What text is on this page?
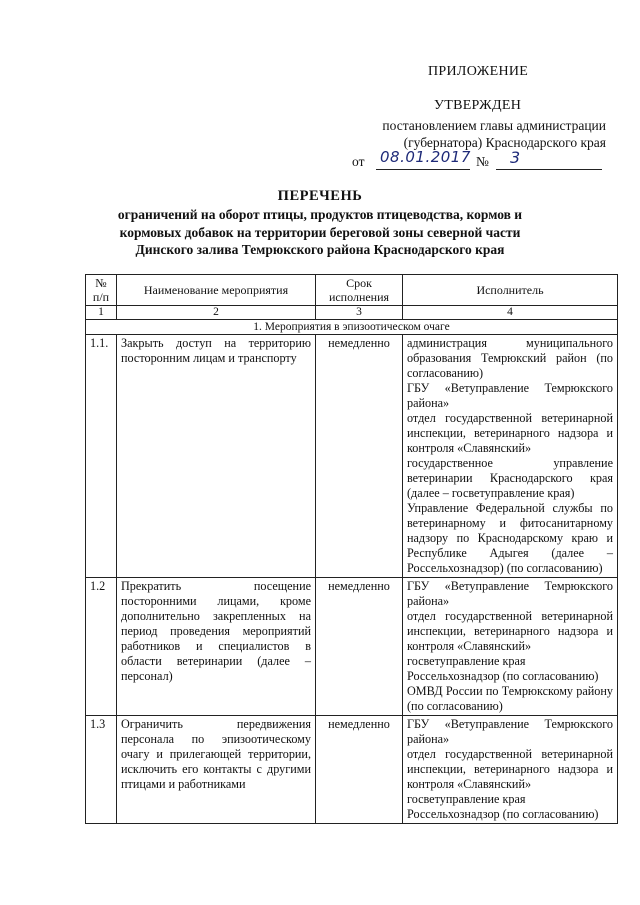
ПРИЛОЖЕНИЕ
УТВЕРЖДЕН
постановлением главы администрации
(губернатора) Краснодарского края
от 08.01.2017 № 3
ПЕРЕЧЕНЬ
ограничений на оборот птицы, продуктов птицеводства, кормов и кормовых добавок на территории береговой зоны северной части Динского залива Темрюкского района Краснодарского края
№ п/п	Наименование мероприятия	Срок исполнения	Исполнитель
1	2	3	4
1. Мероприятия в эпизоотическом очаге			
1.1.	Закрыть доступ на территорию посторонним лицам и транспорту	немедленно	администрация муниципального образования Темрюкский район (по согласованию)
ГБУ «Ветуправление Темрюкского района»
отдел государственной ветеринарной инспекции, ветеринарного надзора и контроля «Славянский»
государственное управление ветеринарии Краснодарского края (далее – госветуправление края)
Управление Федеральной службы по ветеринарному и фитосанитарному надзору по Краснодарскому краю и Республике Адыгея (далее – Россельхознадзор) (по согласованию)

1.2	Прекратить посещение посторонними лицами, кроме дополнительно закрепленных на период проведения мероприятий работников и специалистов в области ветеринарии (далее – персонал)	немедленно	ГБУ «Ветуправление Темрюкского района»
отдел государственной ветеринарной инспекции, ветеринарного надзора и контроля «Славянский»
госветуправление края
Россельхознадзор (по согласованию)
ОМВД России по Темрюкскому району (по согласованию)

1.3	Ограничить передвижения персонала по эпизоотическому очагу и прилегающей территории, исключить его контакты с другими птицами и работниками	немедленно	ГБУ «Ветуправление Темрюкского района»
отдел государственной ветеринарной инспекции, ветеринарного надзора и контроля «Славянский»
госветуправление края
Россельхознадзор (по согласованию)
